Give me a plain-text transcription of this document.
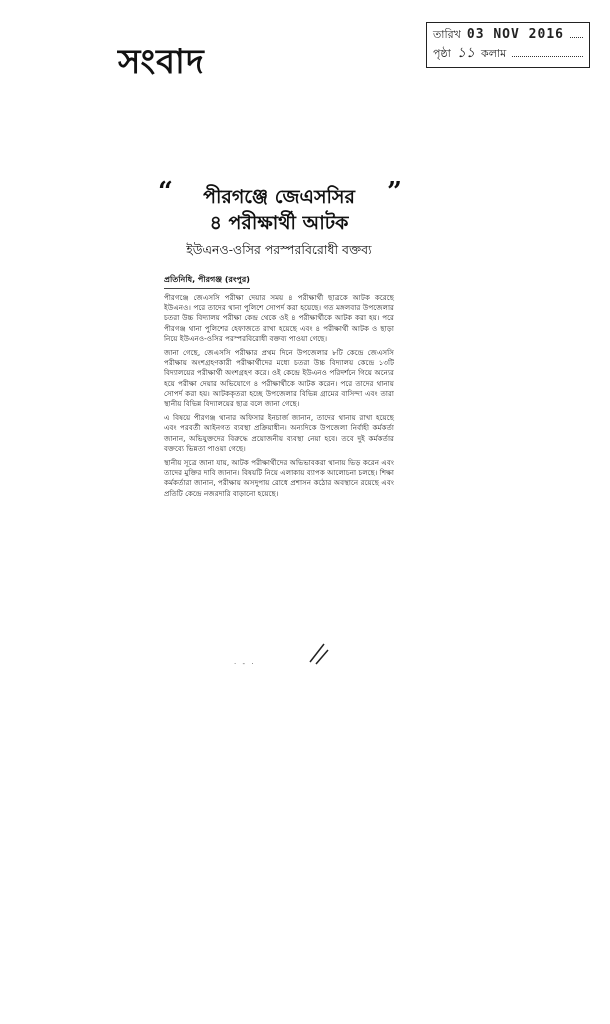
সংবাদ
তারিখ 03 NOV 2016
পৃষ্ঠা ১১ কলাম
“	”
পীরগঞ্জে জেএসসির
৪ পরীক্ষার্থী আটক
ইউএনও-ওসির পরস্পরবিরোধী বক্তব্য
প্রতিনিধি, পীরগঞ্জ (রংপুর)

পীরগঞ্জে জেএসসি পরীক্ষা দেয়ার সময় ৪ পরীক্ষার্থী ছাত্রকে আটক করেছে ইউএনও। পরে তাদের থানা পুলিশে সোপর্দ করা হয়েছে। গত মঙ্গলবার উপজেলার চতরা উচ্চ বিদ্যালয় পরীক্ষা কেন্দ্র থেকে ওই ৪ পরীক্ষার্থীকে আটক করা হয়। পরে পীরগঞ্জ থানা পুলিশের হেফাজতে রাখা হয়েছে এবং ৪ পরীক্ষার্থী আটক ও ছাড়া নিয়ে ইউএনও-ওসির পরস্পরবিরোধী বক্তব্য পাওয়া গেছে।

জানা গেছে, জেএসসি পরীক্ষার প্রথম দিনে উপজেলার ৮টি কেন্দ্রে জেএসসি পরীক্ষায় অংশগ্রহণকারী পরীক্ষার্থীদের মধ্যে চতরা উচ্চ বিদ্যালয় কেন্দ্রে ১৩টি বিদ্যালয়ের পরীক্ষার্থী অংশগ্রহণ করে। ওই কেন্দ্রে ইউএনও পরিদর্শনে গিয়ে অন্যের হয়ে পরীক্ষা দেয়ার অভিযোগে ৪ পরীক্ষার্থীকে আটক করেন। পরে তাদের থানায় সোপর্দ করা হয়। আটককৃতরা হচ্ছে উপজেলার বিভিন্ন গ্রামের বাসিন্দা এবং তারা স্থানীয় বিভিন্ন বিদ্যালয়ের ছাত্র বলে জানা গেছে।

এ বিষয়ে পীরগঞ্জ থানার অফিসার ইনচার্জ জানান, তাদের থানায় রাখা হয়েছে এবং পরবর্তী আইনগত ব্যবস্থা প্রক্রিয়াধীন। অন্যদিকে উপজেলা নির্বাহী কর্মকর্তা জানান, অভিযুক্তদের বিরুদ্ধে প্রয়োজনীয় ব্যবস্থা নেয়া হবে। তবে দুই কর্মকর্তার বক্তব্যে ভিন্নতা পাওয়া গেছে।

স্থানীয় সূত্রে জানা যায়, আটক পরীক্ষার্থীদের অভিভাবকরা থানায় ভিড় করেন এবং তাদের মুক্তির দাবি জানান। বিষয়টি নিয়ে এলাকায় ব্যাপক আলোচনা চলছে। শিক্ষা কর্মকর্তারা জানান, পরীক্ষায় অসদুপায় রোধে প্রশাসন কঠোর অবস্থানে রয়েছে এবং প্রতিটি কেন্দ্রে নজরদারি বাড়ানো হয়েছে।

· - ·
